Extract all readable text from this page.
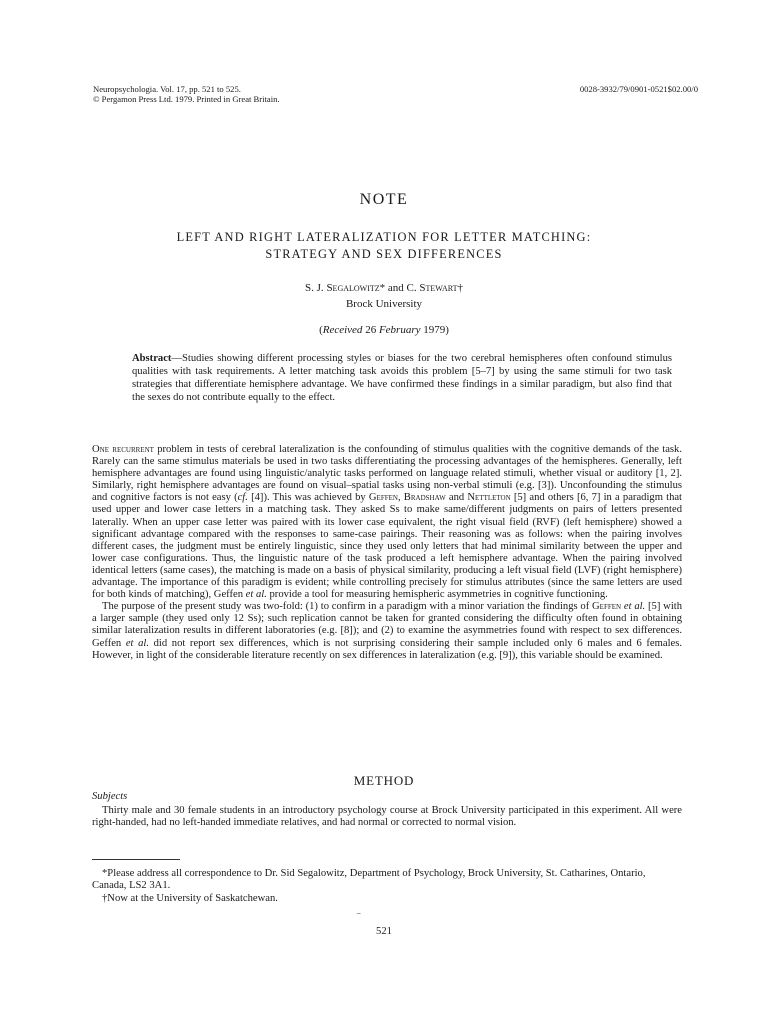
Neuropsychologia. Vol. 17, pp. 521 to 525.
© Pergamon Press Ltd. 1979. Printed in Great Britain.
0028-3932/79/0901-0521$02.00/0
NOTE
LEFT AND RIGHT LATERALIZATION FOR LETTER MATCHING:
STRATEGY AND SEX DIFFERENCES
S. J. Segalowitz* and C. Stewart†
Brock University
(Received 26 February 1979)
Abstract—Studies showing different processing styles or biases for the two cerebral hemispheres often confound stimulus qualities with task requirements. A letter matching task avoids this problem [5–7] by using the same stimuli for two task strategies that differentiate hemisphere advantage. We have confirmed these findings in a similar paradigm, but also find that the sexes do not contribute equally to the effect.

One recurrent problem in tests of cerebral lateralization is the confounding of stimulus qualities with the cognitive demands of the task. Rarely can the same stimulus materials be used in two tasks differentiating the processing advantages of the hemispheres. Generally, left hemisphere advantages are found using linguistic/analytic tasks performed on language related stimuli, whether visual or auditory [1, 2]. Similarly, right hemisphere advantages are found on visual–spatial tasks using non-verbal stimuli (e.g. [3]). Unconfounding the stimulus and cognitive factors is not easy (cf. [4]). This was achieved by Geffen, Bradshaw and Nettleton [5] and others [6, 7] in a paradigm that used upper and lower case letters in a matching task. They asked Ss to make same/different judgments on pairs of letters presented laterally. When an upper case letter was paired with its lower case equivalent, the right visual field (RVF) (left hemisphere) showed a significant advantage compared with the responses to same-case pairings. Their reasoning was as follows: when the pairing involves different cases, the judgment must be entirely linguistic, since they used only letters that had minimal similarity between the upper and lower case configurations. Thus, the linguistic nature of the task produced a left hemisphere advantage. When the pairing involved identical letters (same cases), the matching is made on a basis of physical similarity, producing a left visual field (LVF) (right hemisphere) advantage. The importance of this paradigm is evident; while controlling precisely for stimulus attributes (since the same letters are used for both kinds of matching), Geffen et al. provide a tool for measuring hemispheric asymmetries in cognitive functioning.

The purpose of the present study was two-fold: (1) to confirm in a paradigm with a minor variation the findings of Geffen et al. [5] with a larger sample (they used only 12 Ss); such replication cannot be taken for granted considering the difficulty often found in obtaining similar lateralization results in different laboratories (e.g. [8]); and (2) to examine the asymmetries found with respect to sex differences. Geffen et al. did not report sex differences, which is not surprising considering their sample included only 6 males and 6 females. However, in light of the considerable literature recently on sex differences in lateralization (e.g. [9]), this variable should be examined.

METHOD
Subjects
Thirty male and 30 female students in an introductory psychology course at Brock University participated in this experiment. All were right-handed, had no left-handed immediate relatives, and had normal or corrected to normal vision.

*Please address all correspondence to Dr. Sid Segalowitz, Department of Psychology, Brock University, St. Catharines, Ontario, Canada, LS2 3A1.

†Now at the University of Saskatchewan.

‾
521
